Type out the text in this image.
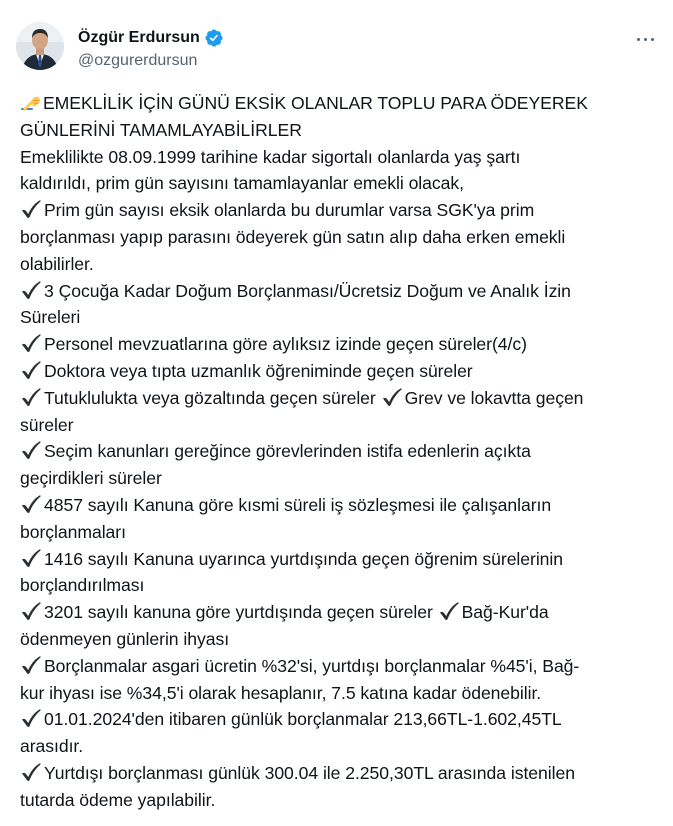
Özgür Erdursun
@ozgurerdursun
EMEKLİLİK İÇİN GÜNÜ EKSİK OLANLAR TOPLU PARA ÖDEYEREK
GÜNLERİNİ TAMAMLAYABİLİRLER
Emeklilikte 08.09.1999 tarihine kadar sigortalı olanlarda yaş şartı
kaldırıldı, prim gün sayısını tamamlayanlar emekli olacak,
Prim gün sayısı eksik olanlarda bu durumlar varsa SGK'ya prim
borçlanması yapıp parasını ödeyerek gün satın alıp daha erken emekli
olabilirler.
3 Çocuğa Kadar Doğum Borçlanması/Ücretsiz Doğum ve Analık İzin
Süreleri
Personel mevzuatlarına göre aylıksız izinde geçen süreler(4/c)
Doktora veya tıpta uzmanlık öğreniminde geçen süreler
Tutuklulukta veya gözaltında geçen süreler Grev ve lokavtta geçen
süreler
Seçim kanunları gereğince görevlerinden istifa edenlerin açıkta
geçirdikleri süreler
4857 sayılı Kanuna göre kısmi süreli iş sözleşmesi ile çalışanların
borçlanmaları
1416 sayılı Kanuna uyarınca yurtdışında geçen öğrenim sürelerinin
borçlandırılması
3201 sayılı kanuna göre yurtdışında geçen süreler Bağ-Kur'da
ödenmeyen günlerin ihyası
Borçlanmalar asgari ücretin %32'si, yurtdışı borçlanmalar %45'i, Bağ-
kur ihyası ise %34,5'i olarak hesaplanır, 7.5 katına kadar ödenebilir.
01.01.2024'den itibaren günlük borçlanmalar 213,66TL-1.602,45TL
arasıdır.
Yurtdışı borçlanması günlük 300.04 ile 2.250,30TL arasında istenilen
tutarda ödeme yapılabilir.
